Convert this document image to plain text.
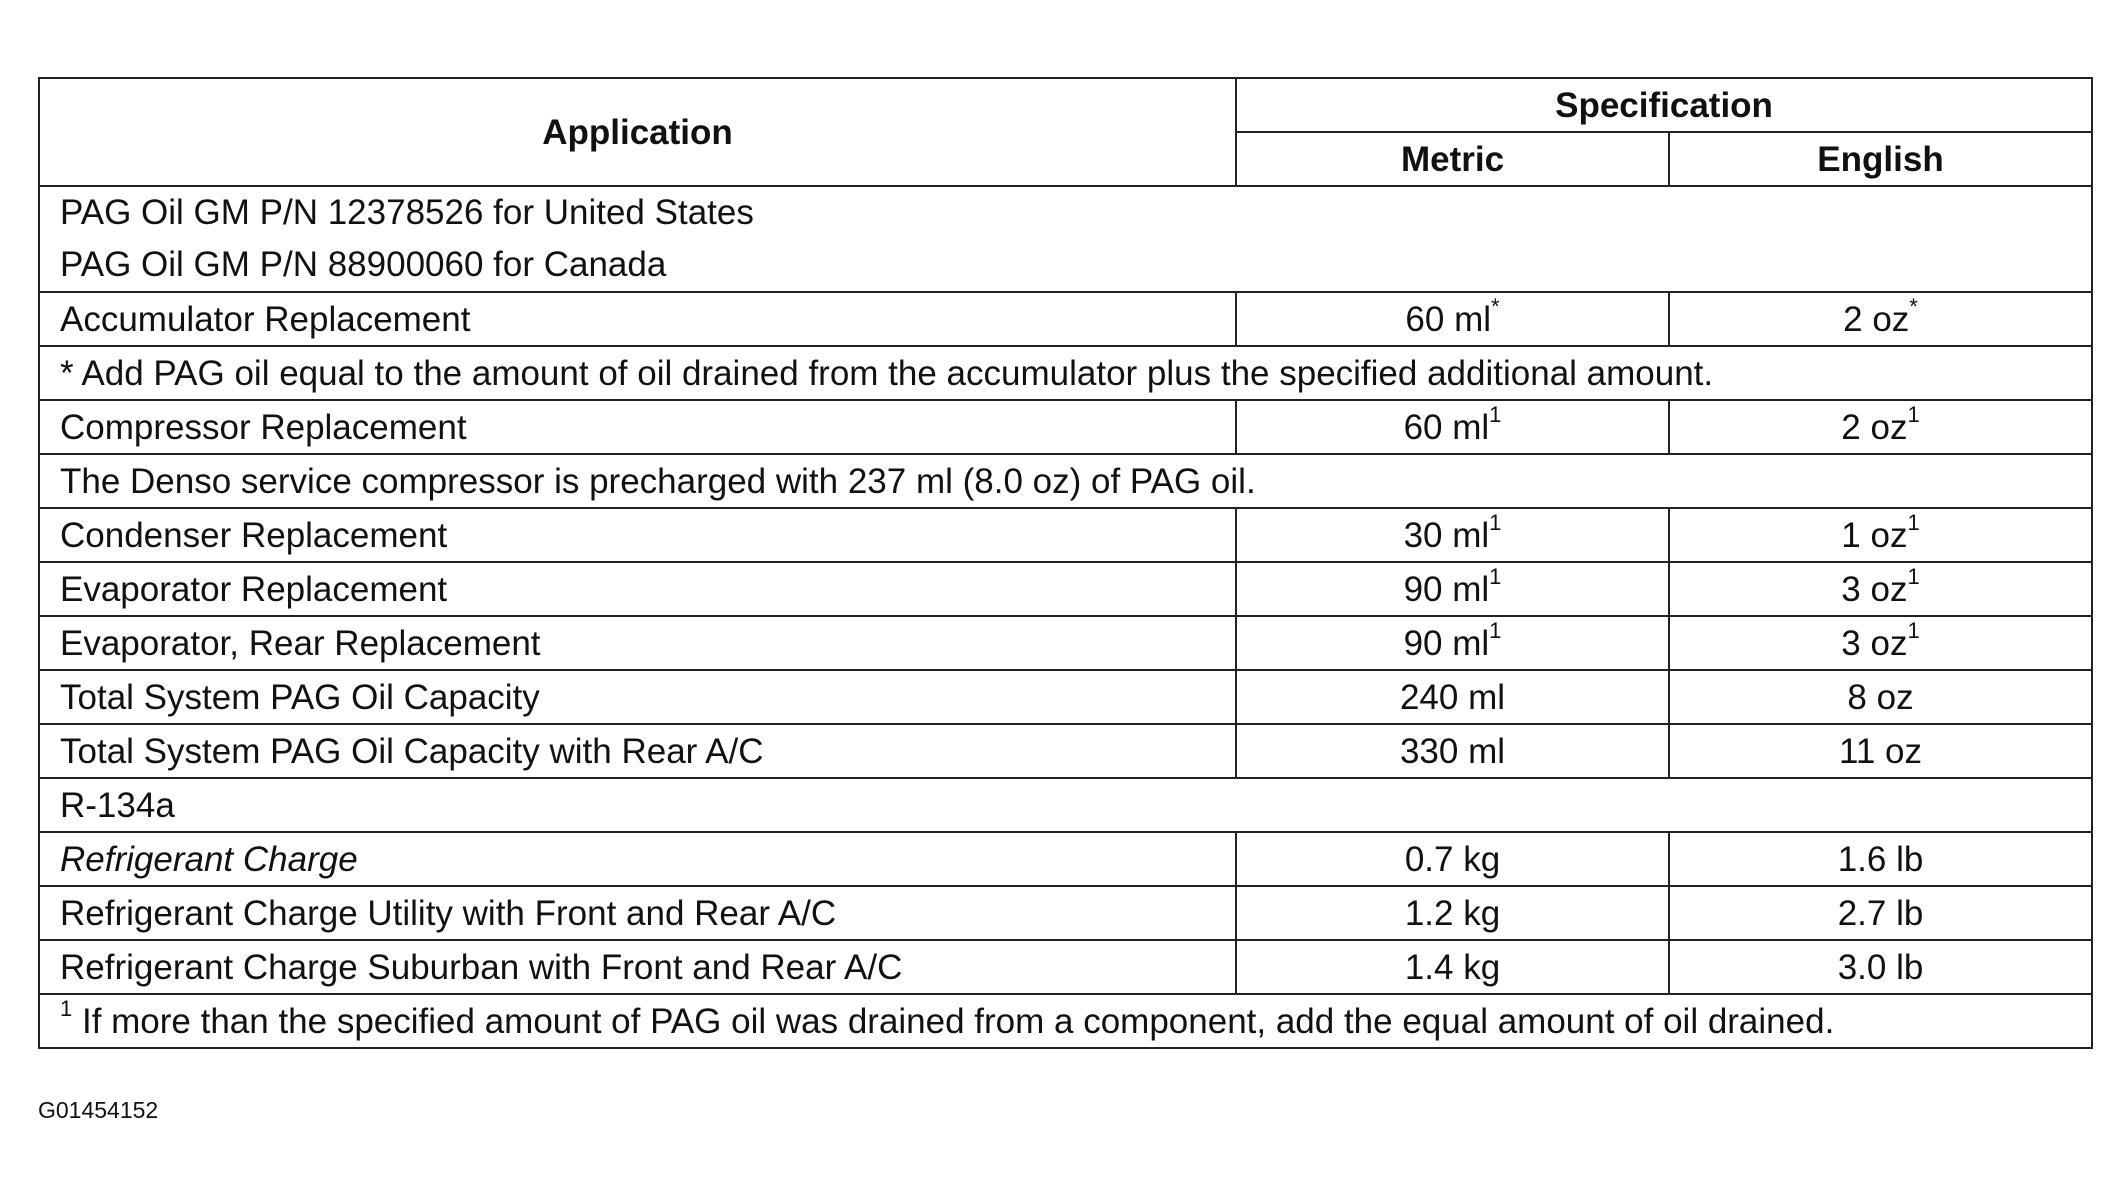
Application	Specification	
	Metric	English

PAG Oil GM P/N 12378526 for United States
PAG Oil GM P/N 88900060 for Canada		

Accumulator Replacement	60 ml*	2 oz*
* Add PAG oil equal to the amount of oil drained from the accumulator plus the specified additional amount.		
Compressor Replacement	60 $ml^1$	2 $oz^1$
The Denso service compressor is precharged with 237 ml (8.0 oz) of PAG oil.		
Condenser Replacement	30 $ml^1$	1 $oz^1$
Evaporator Replacement	90 $ml^1$	3 $oz^1$
Evaporator, Rear Replacement	90 $ml^1$	3 $oz^1$
Total System PAG Oil Capacity	240 ml	8 oz
Total System PAG Oil Capacity with Rear A/C	330 ml	11 oz
R-134a		
Refrigerant Charge	0.7 kg	1.6 lb
Refrigerant Charge Utility with Front and Rear A/C	1.2 kg	2.7 lb
Refrigerant Charge Suburban with Front and Rear A/C	1.4 kg	3.0 lb
$^1$ If more than the specified amount of PAG oil was drained from a component, add the equal amount of oil drained.		
G01454152
